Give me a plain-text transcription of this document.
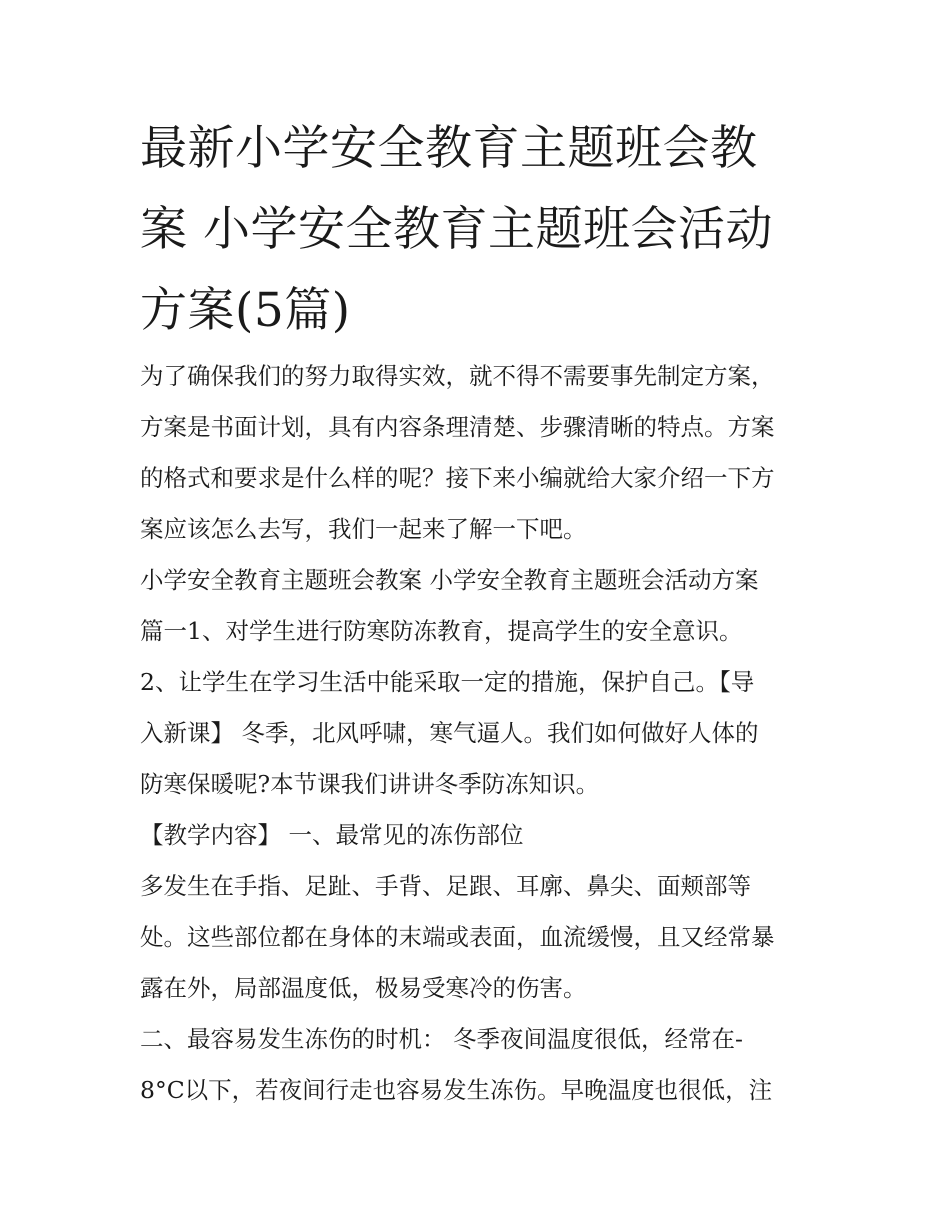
最新小学安全教育主题班会教
案 小学安全教育主题班会活动
方案(5篇)
为了确保我们的努力取得实效，就不得不需要事先制定方案，
方案是书面计划，具有内容条理清楚、步骤清晰的特点。方案
的格式和要求是什么样的呢？接下来小编就给大家介绍一下方
案应该怎么去写，我们一起来了解一下吧。
小学安全教育主题班会教案 小学安全教育主题班会活动方案
篇一1、对学生进行防寒防冻教育，提高学生的安全意识。
2、让学生在学习生活中能采取一定的措施，保护自己。【导
入新课】 冬季，北风呼啸，寒气逼人。我们如何做好人体的
防寒保暖呢?本节课我们讲讲冬季防冻知识。
【教学内容】 一、最常见的冻伤部位
多发生在手指、足趾、手背、足跟、耳廓、鼻尖、面颊部等
处。这些部位都在身体的末端或表面，血流缓慢，且又经常暴
露在外，局部温度低，极易受寒冷的伤害。
二、最容易发生冻伤的时机： 冬季夜间温度很低，经常在-
8°C以下，若夜间行走也容易发生冻伤。早晚温度也很低，注
